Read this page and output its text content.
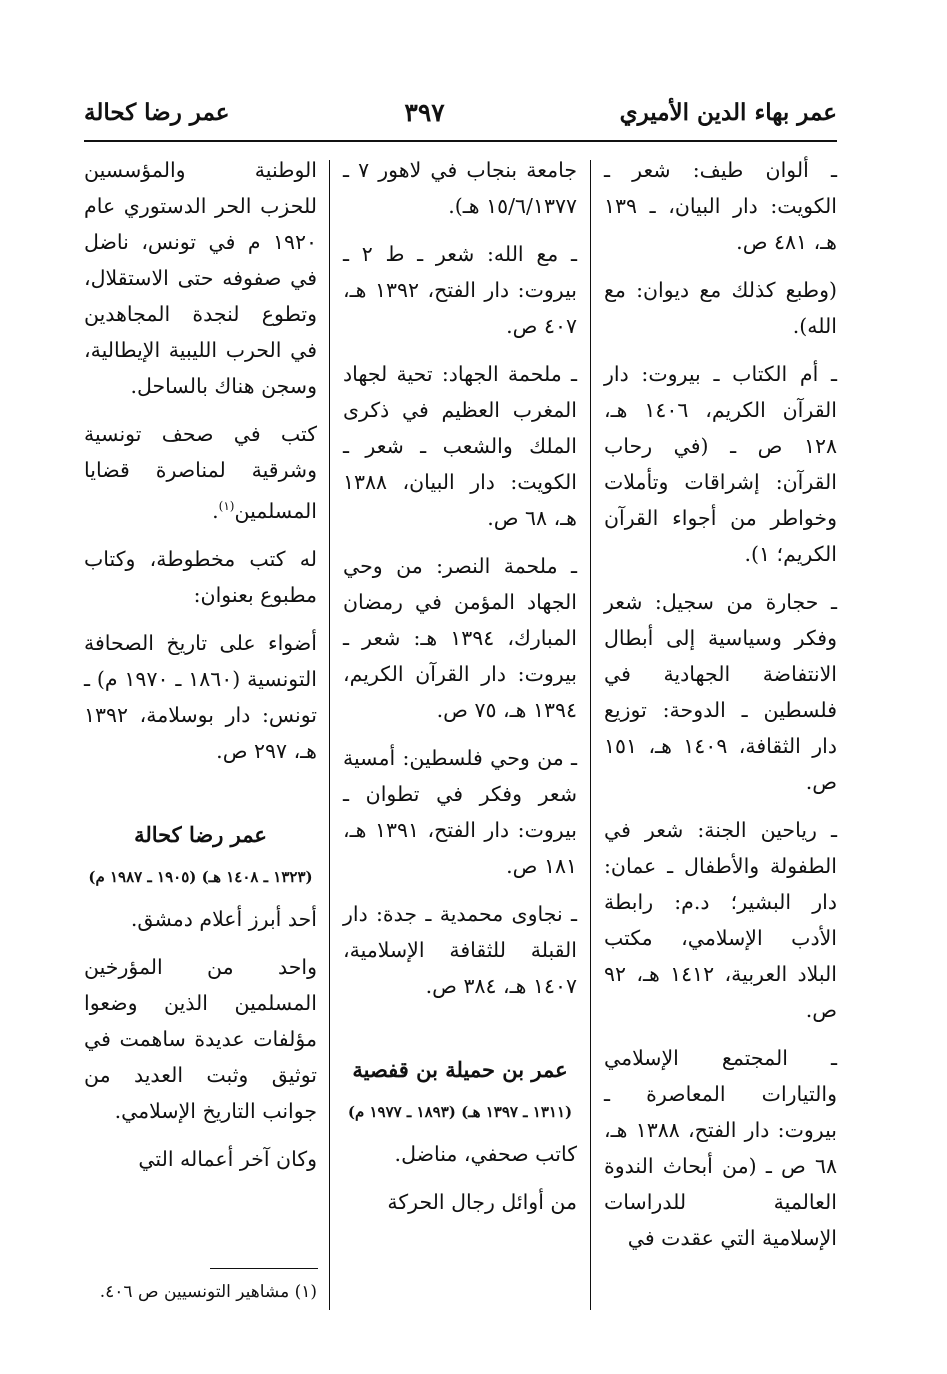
عمر بهاء الدين الأميري
٣٩٧
عمر رضا كحالة

ـ ألوان طيف: شعر ـ الكويت: دار البيان، ـ ١٣٩ هـ، ٤٨١ ص.

(وطبع كذلك مع ديوان: مع الله).

ـ أم الكتاب ـ بيروت: دار القرآن الكريم، ١٤٠٦ هـ، ١٢٨ ص ـ (في رحاب القرآن: إشراقات وتأملات وخواطر من أجواء القرآن الكريم؛ ١).

ـ حجارة من سجيل: شعر وفكر وسياسية إلى أبطال الانتفاضة الجهادية في فلسطين ـ الدوحة: توزيع دار الثقافة، ١٤٠٩ هـ، ١٥١ ص.

ـ رياحين الجنة: شعر في الطفولة والأطفال ـ عمان: دار البشير؛ د.م: رابطة الأدب الإسلامي، مكتب البلاد العربية، ١٤١٢ هـ، ٩٢ ص.

ـ المجتمع الإسلامي والتيارات المعاصرة ـ بيروت: دار الفتح، ١٣٨٨ هـ، ٦٨ ص ـ (من أبحاث الندوة العالمية للدراسات الإسلامية التي عقدت في

جامعة بنجاب في لاهور ٧ ـ ١٥/٦/١٣٧٧ هـ).

ـ مع الله: شعر ـ ط ٢ ـ بيروت: دار الفتح، ١٣٩٢ هـ، ٤٠٧ ص.

ـ ملحمة الجهاد: تحية لجهاد المغرب العظيم في ذكرى الملك والشعب ـ شعر ـ الكويت: دار البيان، ١٣٨٨ هـ، ٦٨ ص.

ـ ملحمة النصر: من وحي الجهاد المؤمن في رمضان المبارك، ١٣٩٤ هـ: شعر ـ بيروت: دار القرآن الكريم، ١٣٩٤ هـ، ٧٥ ص.

ـ من وحي فلسطين: أمسية شعر وفكر في تطوان ـ بيروت: دار الفتح، ١٣٩١ هـ، ١٨١ ص.

ـ نجاوى محمدية ـ جدة: دار القبلة للثقافة الإسلامية، ١٤٠٧ هـ، ٣٨٤ ص.

عمر بن حميلة بن قفصية

(١٣١١ ـ ١٣٩٧ هـ) (١٨٩٣ ـ ١٩٧٧ م)

كاتب صحفي، مناضل.

من أوائل رجال الحركة

الوطنية والمؤسسين للحزب الحر الدستوري عام ١٩٢٠ م في تونس، ناضل في صفوفه حتى الاستقلال، وتطوع لنجدة المجاهدين في الحرب الليبية الإيطالية، وسجن هناك بالساحل.

كتب في صحف تونسية وشرقية لمناصرة قضايا المسلمين$^{(١)}$.

له كتب مخطوطة، وكتاب مطبوع بعنوان:

أضواء على تاريخ الصحافة التونسية (١٨٦٠ ـ ١٩٧٠ م) ـ تونس: دار بوسلامة، ١٣٩٢ هـ، ٢٩٧ ص.

عمر رضا كحالة

(١٣٢٣ ـ ١٤٠٨ هـ) (١٩٠٥ ـ ١٩٨٧ م)

أحد أبرز أعلام دمشق.

واحد من المؤرخين المسلمين الذين وضعوا مؤلفات عديدة ساهمت في توثيق وثبت العديد من جوانب التاريخ الإسلامي.

وكان آخر أعماله التي

(١) مشاهير التونسيين ص ٤٠٦.
